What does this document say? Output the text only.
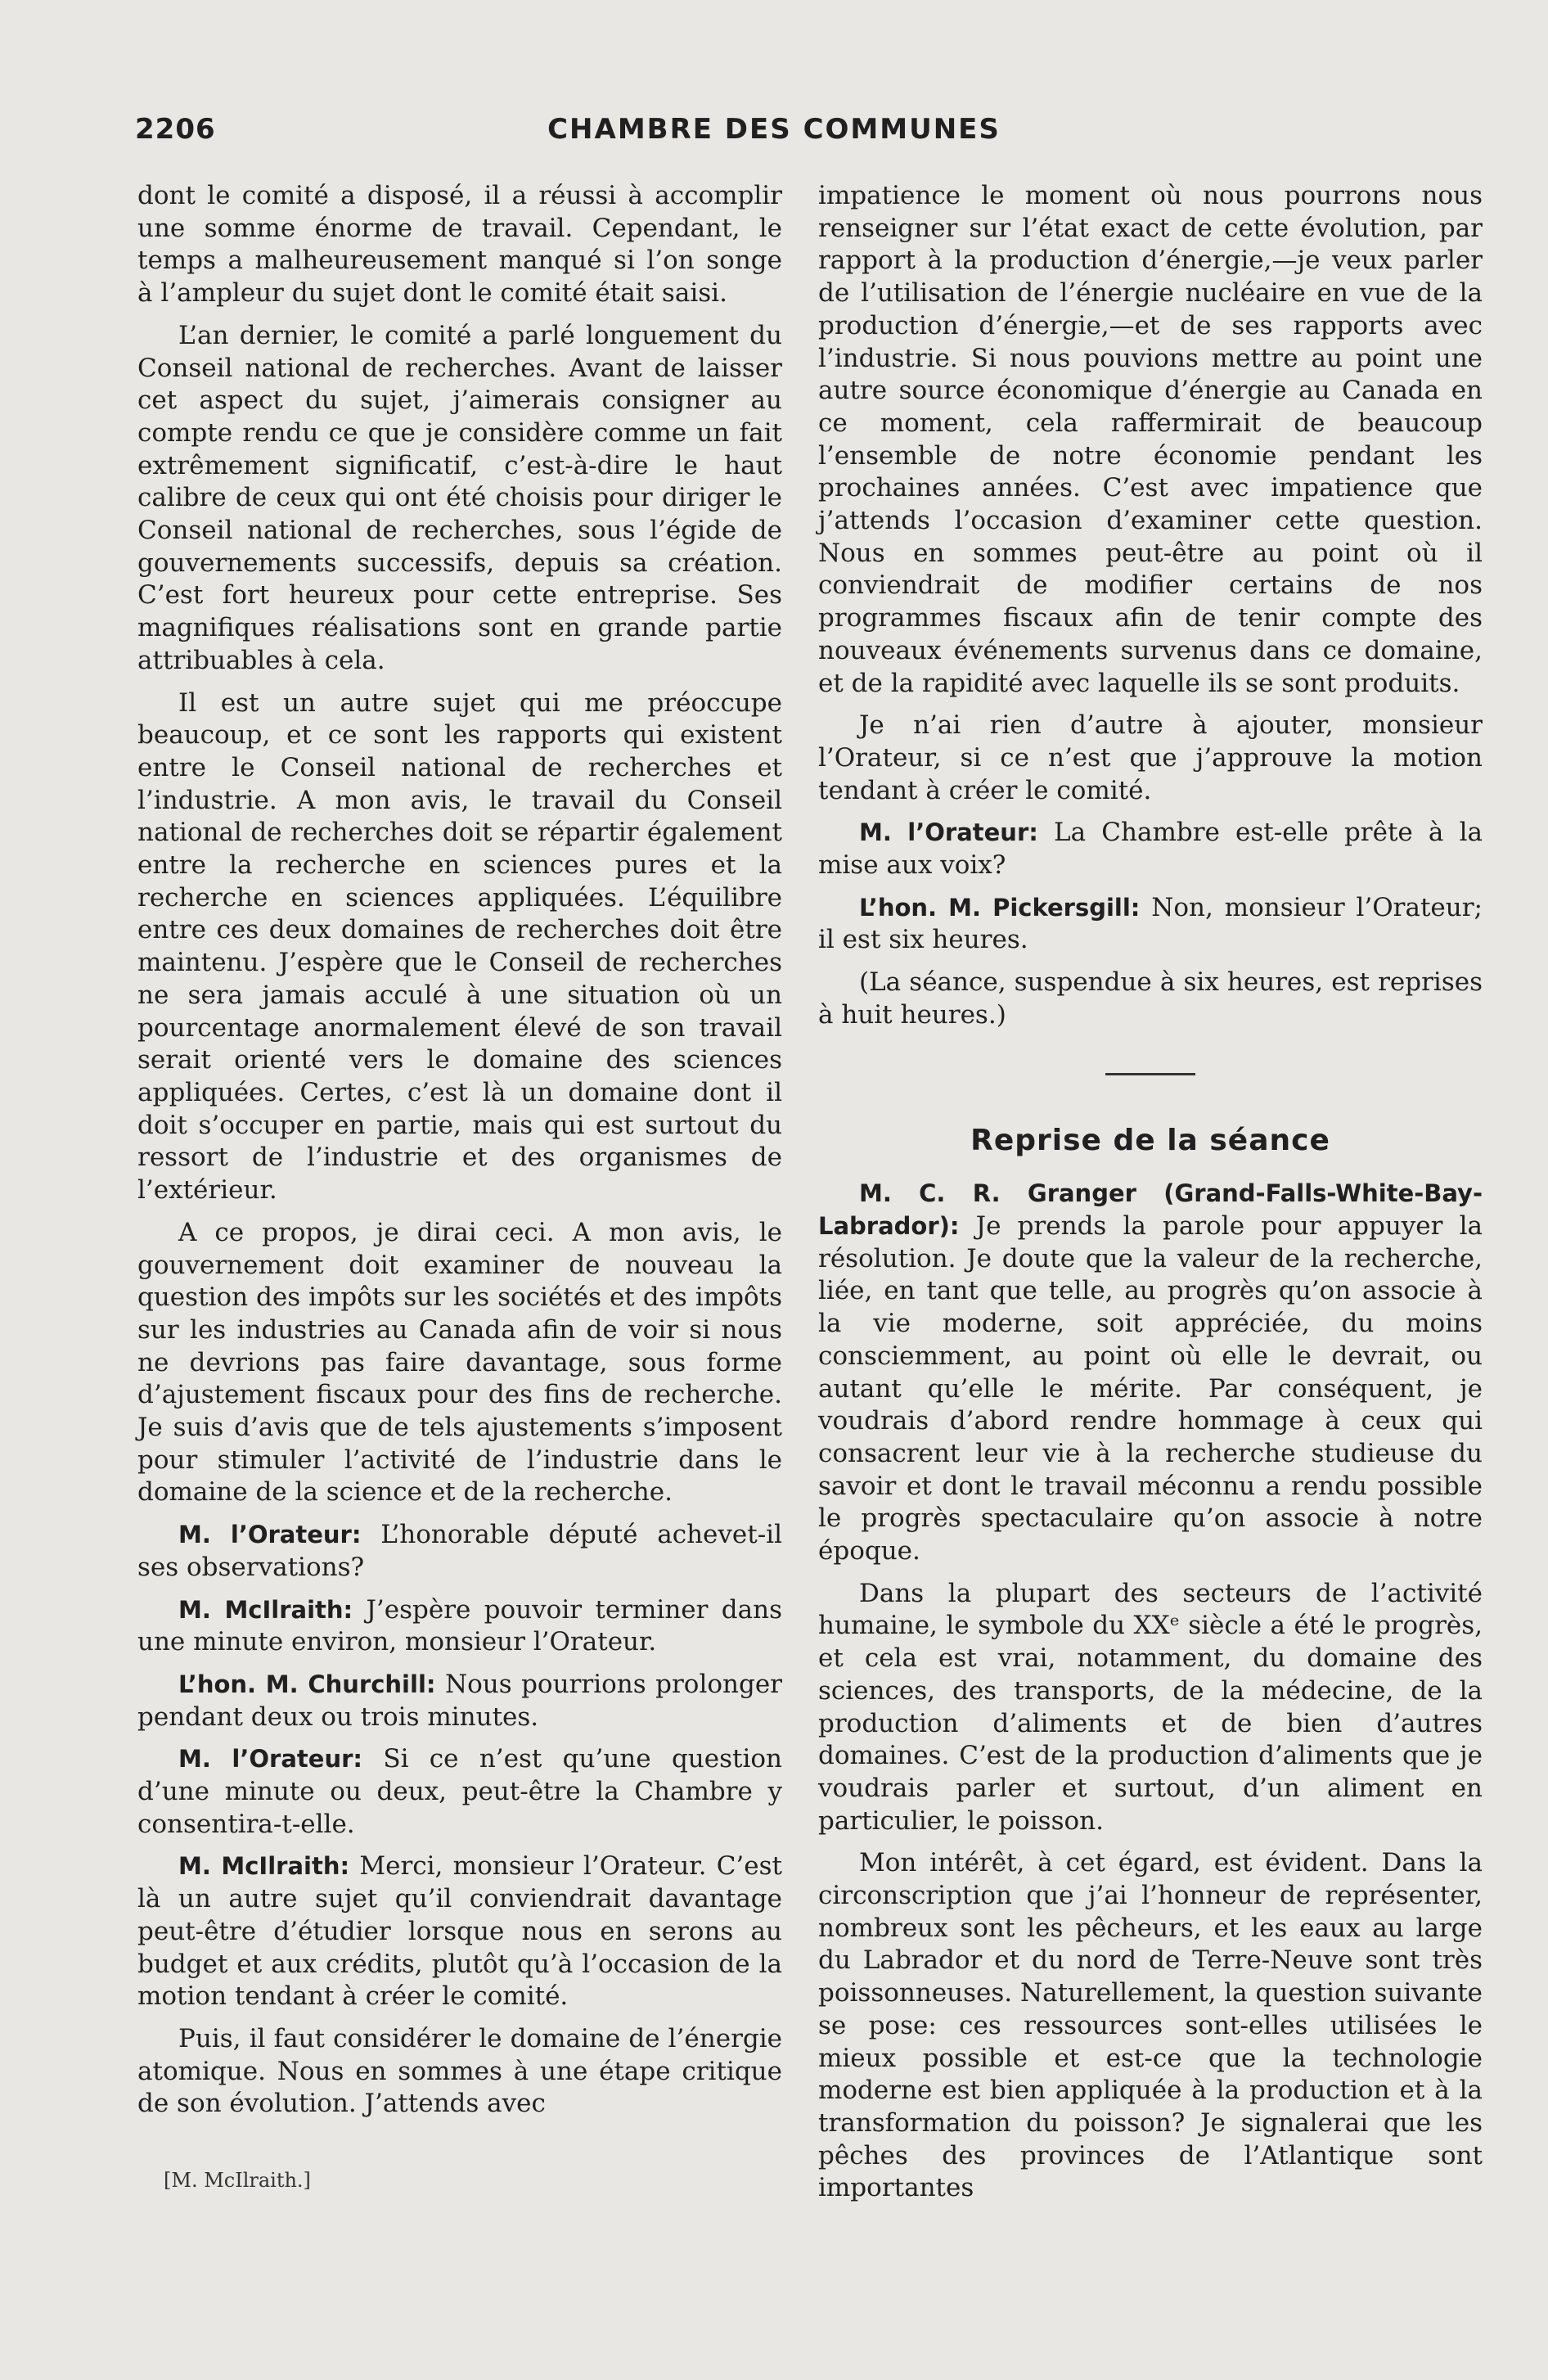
2206	CHAMBRE DES COMMUNES

dont le comité a disposé, il a réussi à accomplir une somme énorme de travail. Cependant, le temps a malheureusement manqué si l’on songe à l’ampleur du sujet dont le comité était saisi.

L’an dernier, le comité a parlé longuement du Conseil national de recherches. Avant de laisser cet aspect du sujet, j’aimerais consigner au compte rendu ce que je considère comme un fait extrêmement significatif, c’est-à-dire le haut calibre de ceux qui ont été choisis pour diriger le Conseil national de recherches, sous l’égide de gouvernements successifs, depuis sa création. C’est fort heureux pour cette entreprise. Ses magnifiques réalisations sont en grande partie attribuables à cela.

Il est un autre sujet qui me préoccupe beaucoup, et ce sont les rapports qui existent entre le Conseil national de recherches et l’industrie. A mon avis, le travail du Conseil national de recherches doit se répartir également entre la recherche en sciences pures et la recherche en sciences appliquées. L’équilibre entre ces deux domaines de recherches doit être maintenu. J’espère que le Conseil de recherches ne sera jamais acculé à une situation où un pourcentage anormalement élevé de son travail serait orienté vers le domaine des sciences appliquées. Certes, c’est là un domaine dont il doit s’occuper en partie, mais qui est surtout du ressort de l’industrie et des organismes de l’extérieur.

A ce propos, je dirai ceci. A mon avis, le gouvernement doit examiner de nouveau la question des impôts sur les sociétés et des impôts sur les industries au Canada afin de voir si nous ne devrions pas faire davantage, sous forme d’ajustement fiscaux pour des fins de recherche. Je suis d’avis que de tels ajustements s’imposent pour stimuler l’activité de l’industrie dans le domaine de la science et de la recherche.

M. l’Orateur: L’honorable député achevet-il ses observations?

M. McIlraith: J’espère pouvoir terminer dans une minute environ, monsieur l’Orateur.

L’hon. M. Churchill: Nous pourrions prolonger pendant deux ou trois minutes.

M. l’Orateur: Si ce n’est qu’une question d’une minute ou deux, peut-être la Chambre y consentira-t-elle.

M. McIlraith: Merci, monsieur l’Orateur. C’est là un autre sujet qu’il conviendrait davantage peut-être d’étudier lorsque nous en serons au budget et aux crédits, plutôt qu’à l’occasion de la motion tendant à créer le comité.

Puis, il faut considérer le domaine de l’énergie atomique. Nous en sommes à une étape critique de son évolution. J’attends avec

[M. McIlraith.]

impatience le moment où nous pourrons nous renseigner sur l’état exact de cette évolution, par rapport à la production d’énergie,—je veux parler de l’utilisation de l’énergie nucléaire en vue de la production d’énergie,—et de ses rapports avec l’industrie. Si nous pouvions mettre au point une autre source économique d’énergie au Canada en ce moment, cela raffermirait de beaucoup l’ensemble de notre économie pendant les prochaines années. C’est avec impatience que j’attends l’occasion d’examiner cette question. Nous en sommes peut-être au point où il conviendrait de modifier certains de nos programmes fiscaux afin de tenir compte des nouveaux événements survenus dans ce domaine, et de la rapidité avec laquelle ils se sont produits.

Je n’ai rien d’autre à ajouter, monsieur l’Orateur, si ce n’est que j’approuve la motion tendant à créer le comité.

M. l’Orateur: La Chambre est-elle prête à la mise aux voix?

L’hon. M. Pickersgill: Non, monsieur l’Orateur; il est six heures.

(La séance, suspendue à six heures, est reprises à huit heures.)

Reprise de la séance

M. C. R. Granger (Grand-Falls-White-Bay-Labrador): Je prends la parole pour appuyer la résolution. Je doute que la valeur de la recherche, liée, en tant que telle, au progrès qu’on associe à la vie moderne, soit appréciée, du moins consciemment, au point où elle le devrait, ou autant qu’elle le mérite. Par conséquent, je voudrais d’abord rendre hommage à ceux qui consacrent leur vie à la recherche studieuse du savoir et dont le travail méconnu a rendu possible le progrès spectaculaire qu’on associe à notre époque.

Dans la plupart des secteurs de l’activité humaine, le symbole du XXᵉ siècle a été le progrès, et cela est vrai, notamment, du domaine des sciences, des transports, de la médecine, de la production d’aliments et de bien d’autres domaines. C’est de la production d’aliments que je voudrais parler et surtout, d’un aliment en particulier, le poisson.

Mon intérêt, à cet égard, est évident. Dans la circonscription que j’ai l’honneur de représenter, nombreux sont les pêcheurs, et les eaux au large du Labrador et du nord de Terre-Neuve sont très poissonneuses. Naturellement, la question suivante se pose: ces ressources sont-elles utilisées le mieux possible et est-ce que la technologie moderne est bien appliquée à la production et à la transformation du poisson? Je signalerai que les pêches des provinces de l’Atlantique sont importantes
